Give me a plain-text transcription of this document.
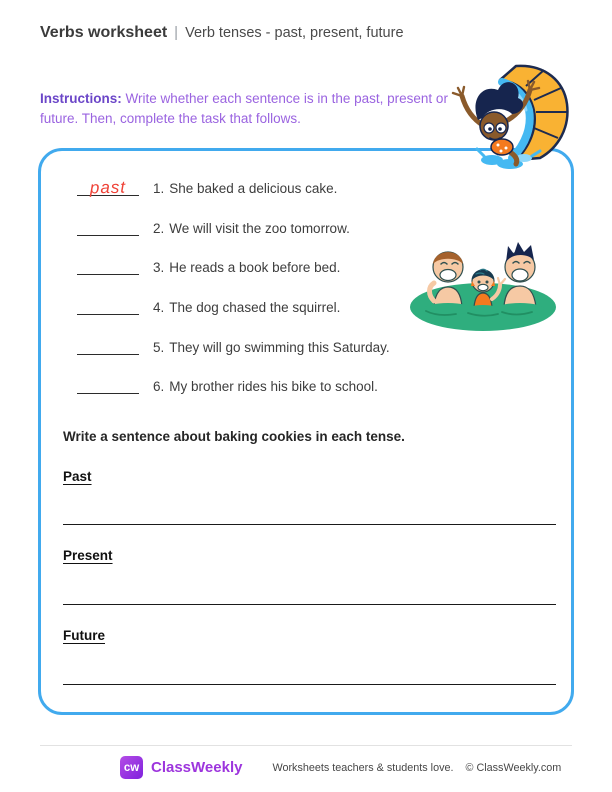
Verbs worksheet | Verb tenses - past, present, future

Instructions: Write whether each sentence is in the past, present or future. Then, complete the task that follows.

past	1. She baked a delicious cake.
2. We will visit the zoo tomorrow.
3. He reads a book before bed.
4. The dog chased the squirrel.
5. They will go swimming this Saturday.
6. My brother rides his bike to school.
Write a sentence about baking cookies in each tense.
Past
Present
Future
cw ClassWeekly	Worksheets teachers & students love. © ClassWeekly.com
